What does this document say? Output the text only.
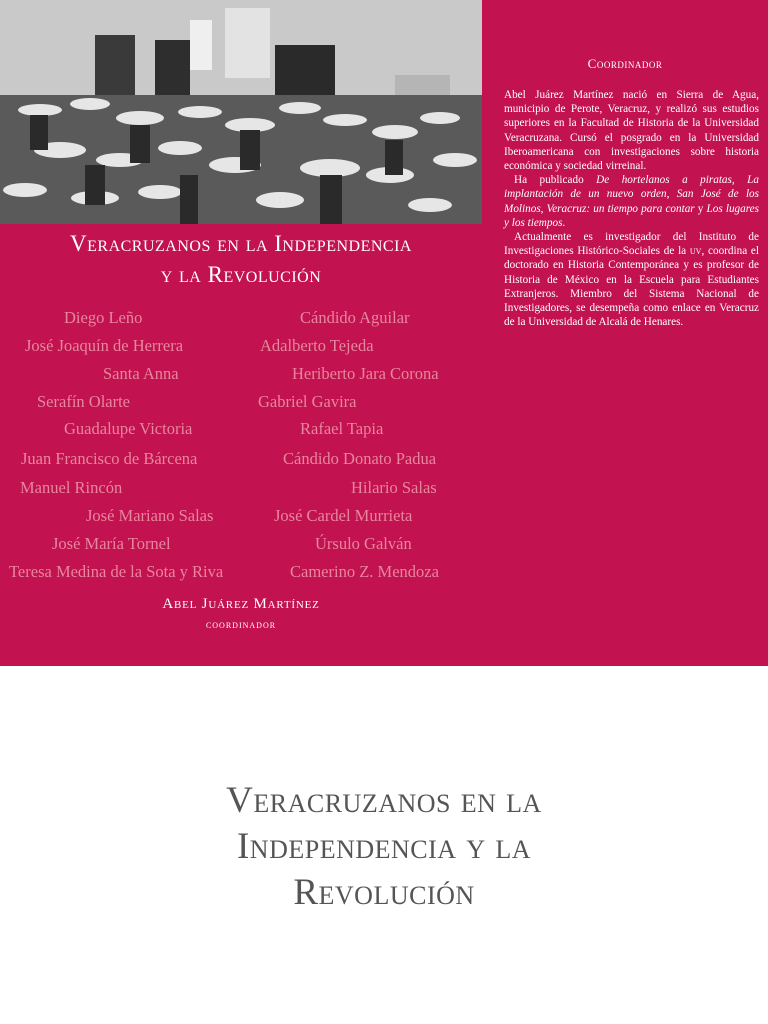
Coordinador

Abel Juárez Martínez nació en Sierra de Agua, municipio de Perote, Veracruz, y realizó sus estudios superiores en la Facultad de Historia de la Universidad Veracruzana. Cursó el posgrado en la Universidad Iberoamericana con investigaciones sobre historia económica y sociedad virreinal.

Ha publicado De hortelanos a piratas, La implantación de un nuevo orden, San José de los Molinos, Veracruz: un tiempo para contar y Los lugares y los tiempos.

Actualmente es investigador del Instituto de Investigaciones Histórico-Sociales de la uv, coordina el doctorado en Historia Contemporánea y es profesor de Historia de México en la Escuela para Estudiantes Extranjeros. Miembro del Sistema Nacional de Investigadores, se desempeña como enlace en Veracruz de la Universidad de Alcalá de Henares.

Veracruzanos en la Independencia
y la Revolución
Diego Leño	Cándido Aguilar
José Joaquín de Herrera	Adalberto Tejeda
Santa Anna	Heriberto Jara Corona
Serafín Olarte	Gabriel Gavira
Guadalupe Victoria	Rafael Tapia
Juan Francisco de Bárcena	Cándido Donato Padua
Manuel Rincón	Hilario Salas
José Mariano Salas	José Cardel Murrieta
José María Tornel	Úrsulo Galván
Teresa Medina de la Sota y Riva	Camerino Z. Mendoza
Abel Juárez Martínez
coordinador
Veracruzanos en la
Independencia y la
Revolución
